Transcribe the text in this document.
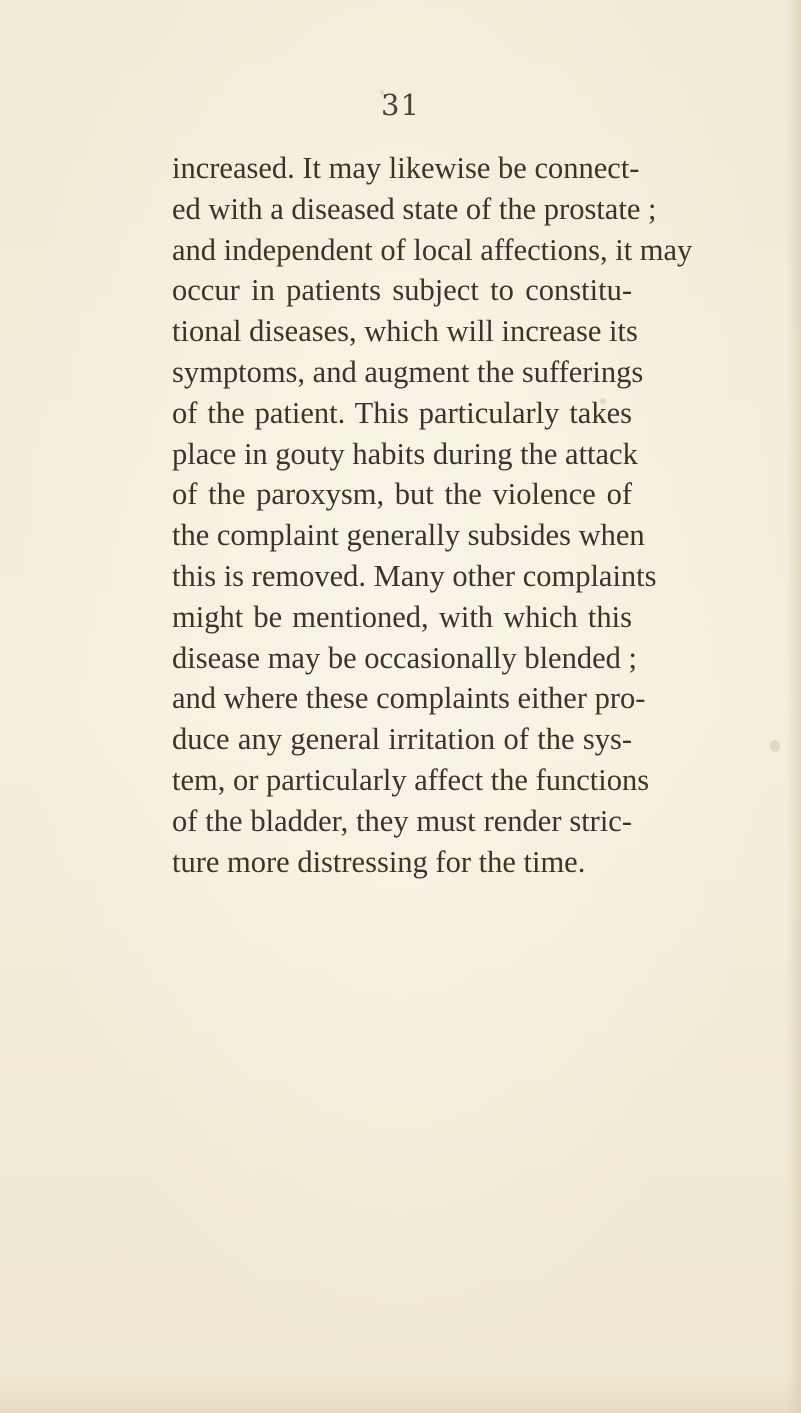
31
increased. It may likewise be connect-
ed with a diseased state of the prostate ;
and independent of local affections, it may
occur in patients subject to constitu-
tional diseases, which will increase its
symptoms, and augment the sufferings
of the patient. This particularly takes
place in gouty habits during the attack
of the paroxysm, but the violence of
the complaint generally subsides when
this is removed. Many other complaints
might be mentioned, with which this
disease may be occasionally blended ;
and where these complaints either pro-
duce any general irritation of the sys-
tem, or particularly affect the functions
of the bladder, they must render stric-
ture more distressing for the time.
